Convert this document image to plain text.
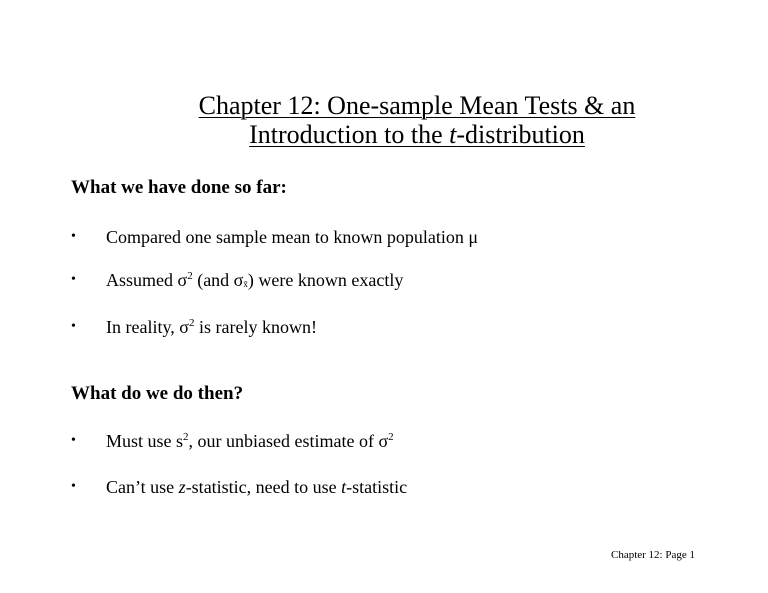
Chapter 12: One-sample Mean Tests & an
Introduction to the t-distribution
What we have done so far:
• Compared one sample mean to known population μ
• Assumed $\sigma^2$ (and σx̄) were known exactly
• In reality, $\sigma^2$ is rarely known!
What do we do then?
• Must use $s^2$, our unbiased estimate of $\sigma^2$
• Can’t use z-statistic, need to use t-statistic
Chapter 12: Page 1
